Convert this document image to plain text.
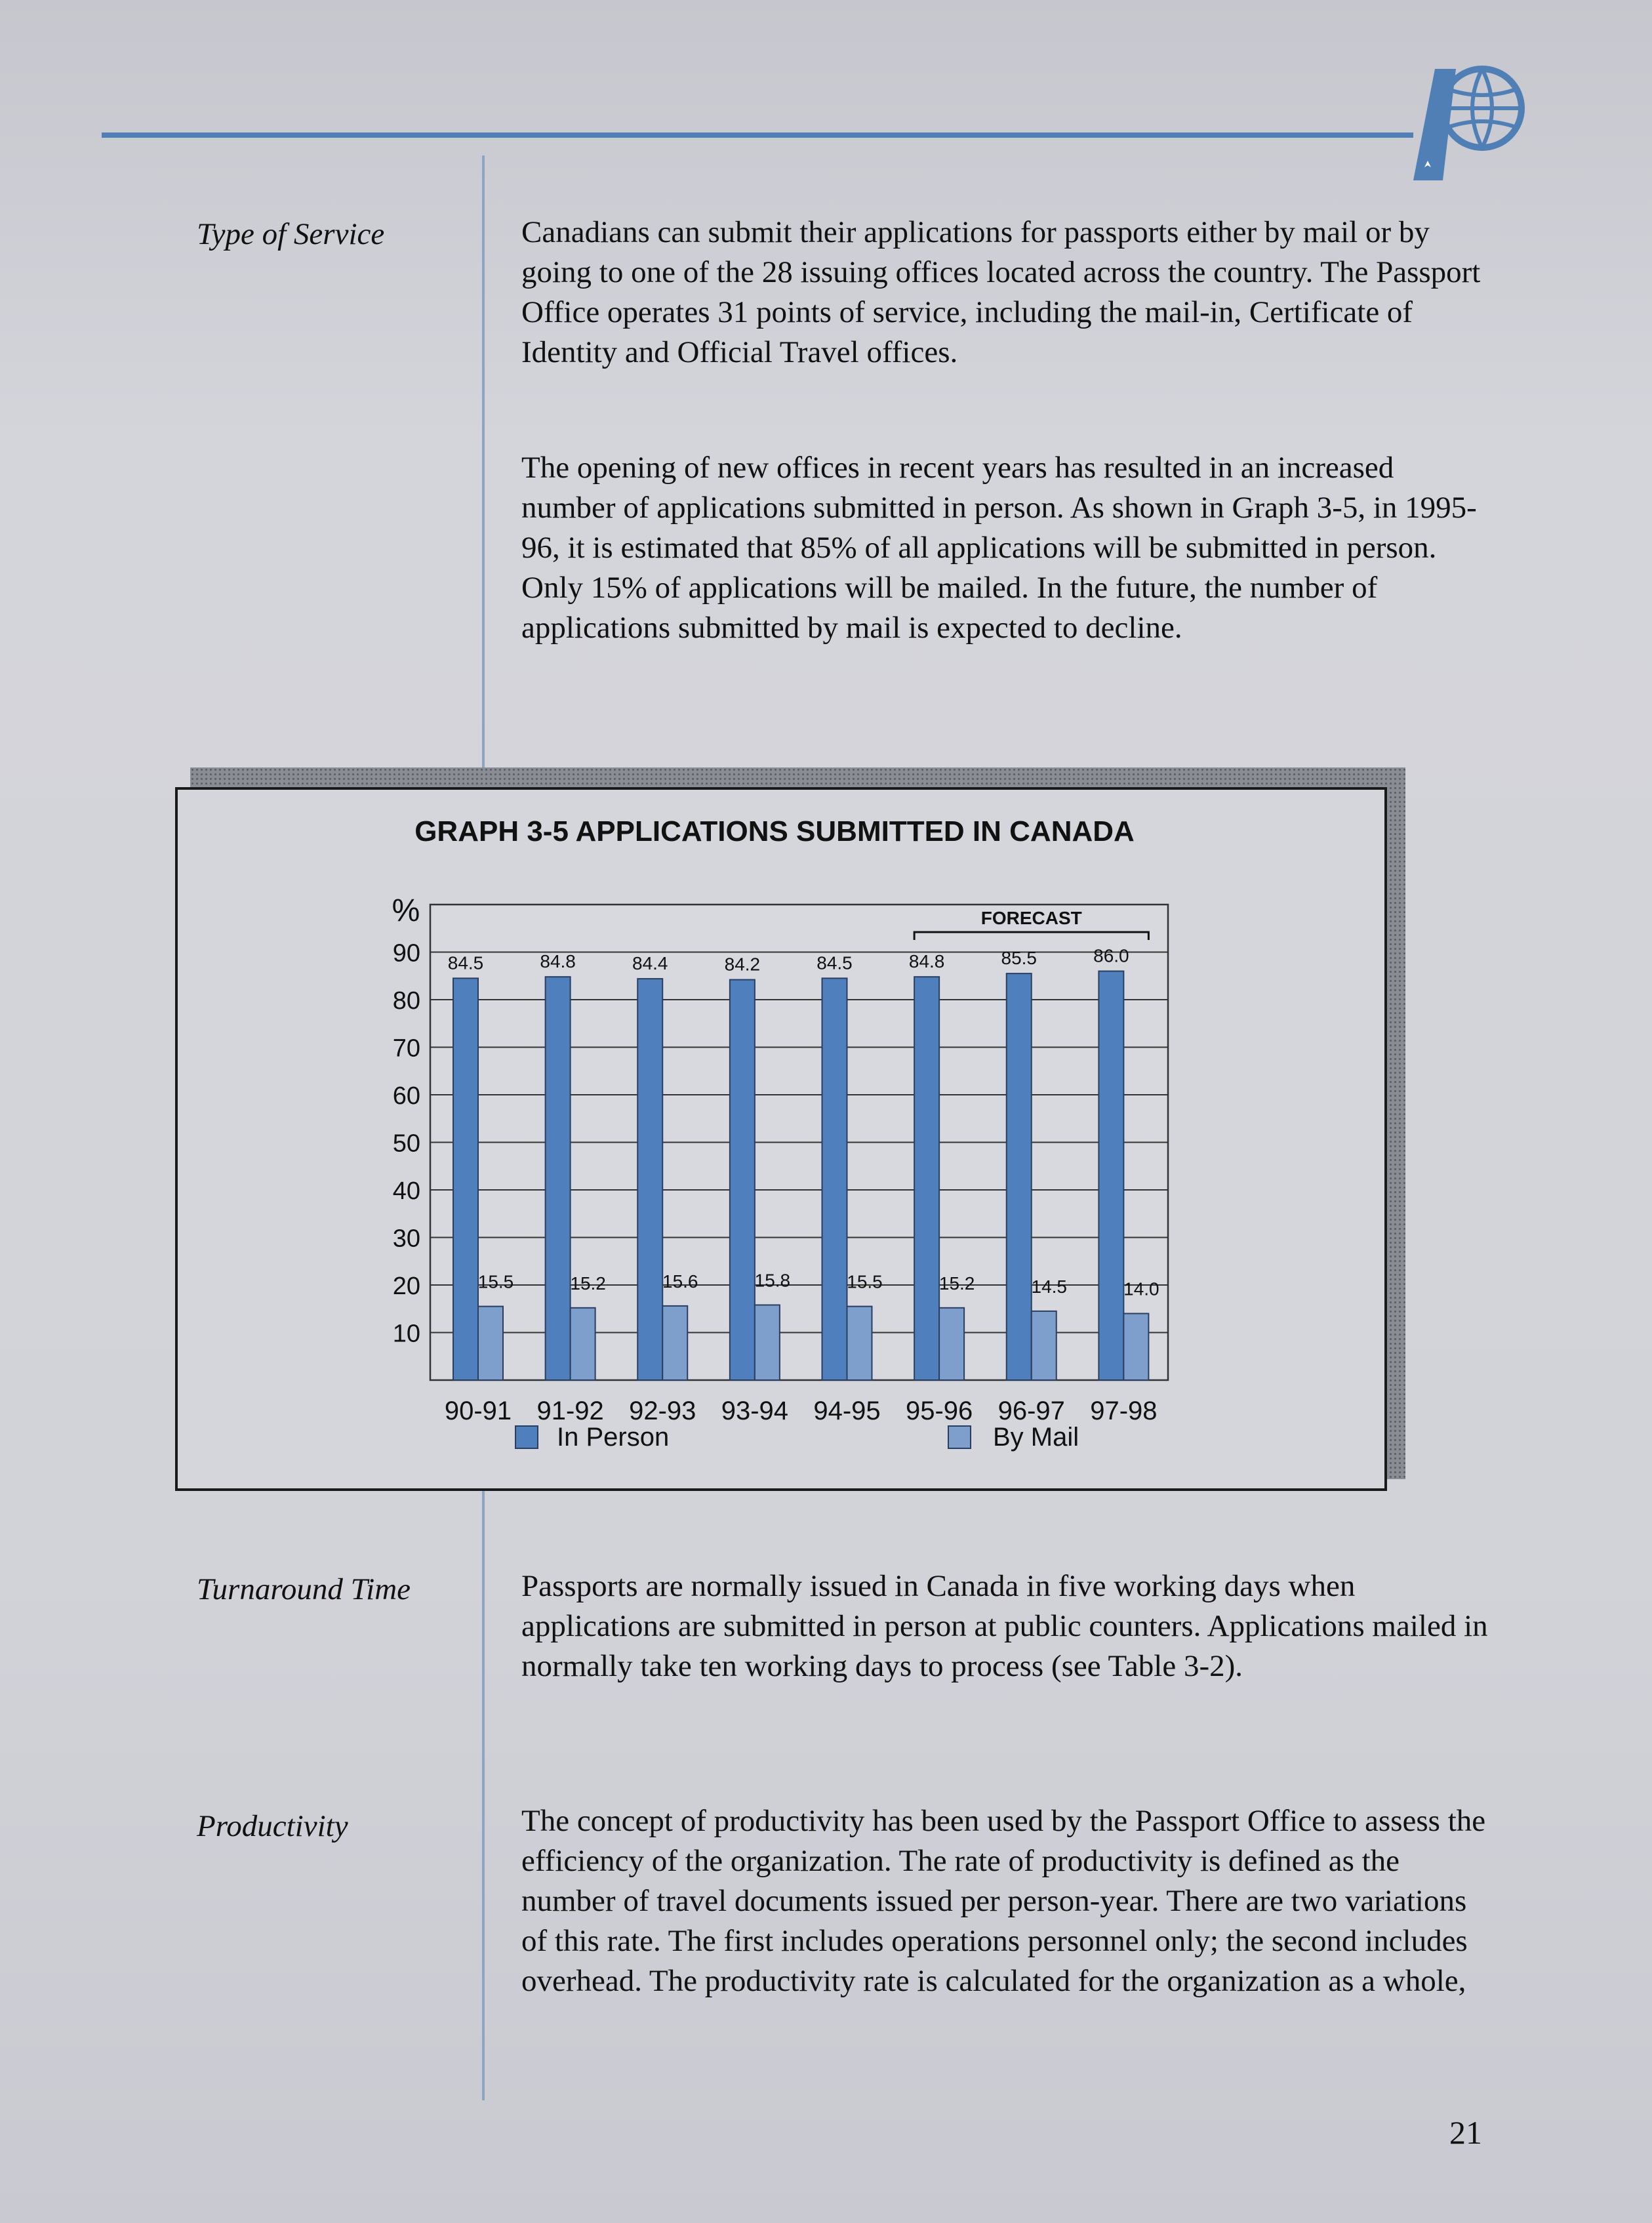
Type of Service	Canadians can submit their applications for passports either by mail or by going to one of the 28 issuing offices located across the country. The Passport Office operates 31 points of service, including the mail-in, Certificate of Identity and Official Travel offices.

The opening of new offices in recent years has resulted in an increased number of applications submitted in person. As shown in Graph 3-5, in 1995-96, it is estimated that 85% of all applications will be submitted in person. Only 15% of applications will be mailed. In the future, the number of applications submitted by mail is expected to decline.

GRAPH 3-5 APPLICATIONS SUBMITTED IN CANADA
%
10
20
30
40
50
60
70
80
90 84.5
15.5
90-91
84.8
15.2
91-92
84.4
15.6
92-93
84.2
15.8
93-94
84.5
15.5
94-95
84.8
15.2
95-96
85.5
14.5
96-97
86.0
14.0
97-98
FORECAST
In Person	By Mail
Turnaround Time	Passports are normally issued in Canada in five working days when applications are submitted in person at public counters. Applications mailed in normally take ten working days to process (see Table 3-2).

Productivity	The concept of productivity has been used by the Passport Office to assess the efficiency of the organization. The rate of productivity is defined as the number of travel documents issued per person-year. There are two variations of this rate. The first includes operations personnel only; the second includes overhead. The productivity rate is calculated for the organization as a whole,

21
